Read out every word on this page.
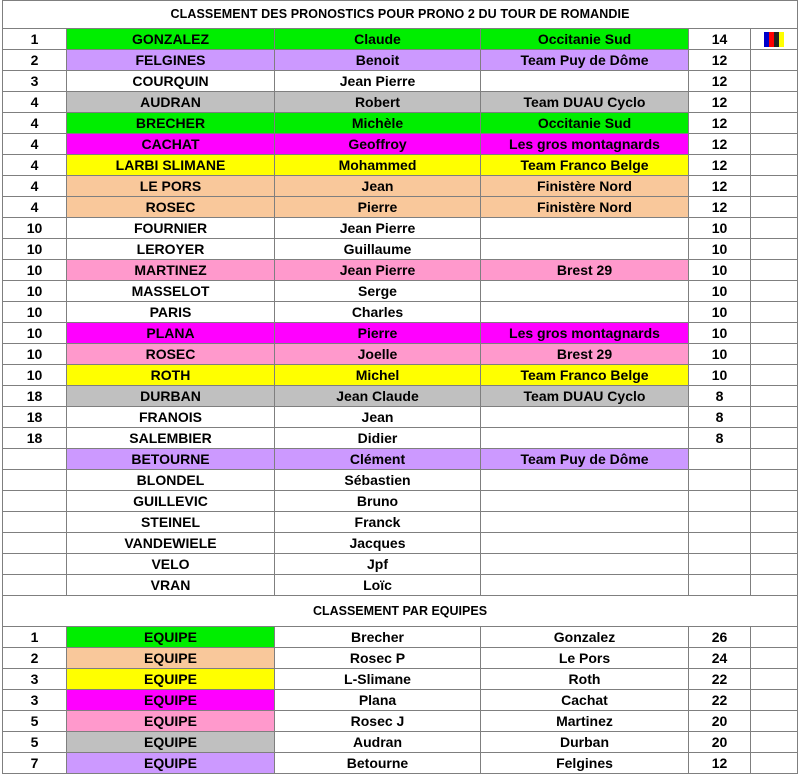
CLASSEMENT DES PRONOSTICS POUR PRONO 2 DU TOUR DE ROMANDIE					
1	GONZALEZ	Claude	Occitanie Sud	14	

2	FELGINES	Benoit	Team Puy de Dôme	12	
3	COURQUIN	Jean Pierre		12	
4	AUDRAN	Robert	Team DUAU Cyclo	12	
4	BRECHER	Michèle	Occitanie Sud	12	
4	CACHAT	Geoffroy	Les gros montagnards	12	
4	LARBI SLIMANE	Mohammed	Team Franco Belge	12	
4	LE PORS	Jean	Finistère Nord	12	
4	ROSEC	Pierre	Finistère Nord	12	
10	FOURNIER	Jean Pierre		10	
10	LEROYER	Guillaume		10	
10	MARTINEZ	Jean Pierre	Brest 29	10	
10	MASSELOT	Serge		10	
10	PARIS	Charles		10	
10	PLANA	Pierre	Les gros montagnards	10	
10	ROSEC	Joelle	Brest 29	10	
10	ROTH	Michel	Team Franco Belge	10	
18	DURBAN	Jean Claude	Team DUAU Cyclo	8	
18	FRANOIS	Jean		8	
18	SALEMBIER	Didier		8	
	BETOURNE	Clément	Team Puy de Dôme		
	BLONDEL	Sébastien			
	GUILLEVIC	Bruno			
	STEINEL	Franck			
	VANDEWIELE	Jacques			
	VELO	Jpf			
	VRAN	Loïc			
CLASSEMENT PAR EQUIPES					
1	EQUIPE	Brecher	Gonzalez	26	
2	EQUIPE	Rosec P	Le Pors	24	
3	EQUIPE	L-Slimane	Roth	22	
3	EQUIPE	Plana	Cachat	22	
5	EQUIPE	Rosec J	Martinez	20	
5	EQUIPE	Audran	Durban	20	
7	EQUIPE	Betourne	Felgines	12	
